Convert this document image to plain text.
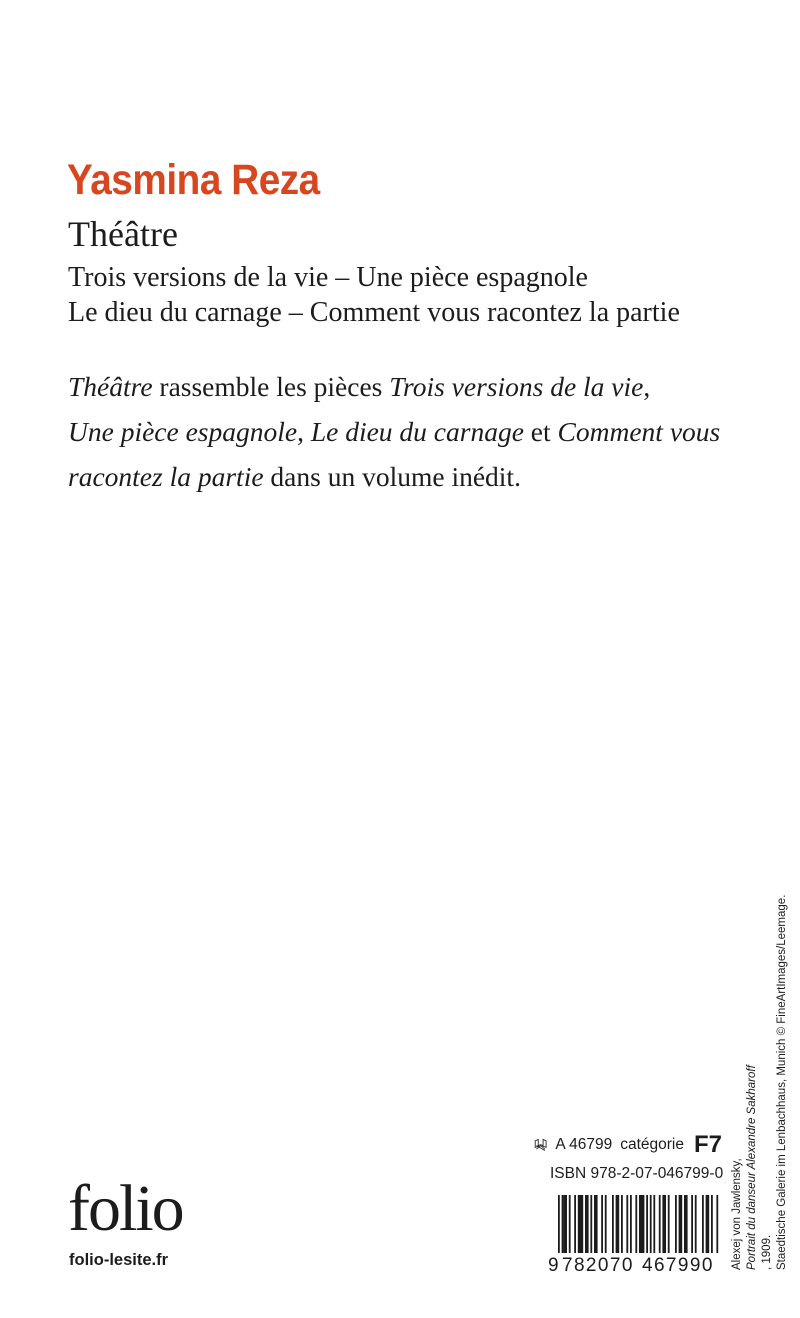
Yasmina Reza
Théâtre
Trois versions de la vie – Une pièce espagnole
Le dieu du carnage – Comment vous racontez la partie
Théâtre rassemble les pièces Trois versions de la vie,
Une pièce espagnole, Le dieu du carnage et Comment vous
racontez la partie dans un volume inédit.
Alexej von Jawlensky, Portrait du danseur Alexandre Sakharoff , 1909. Staedtische Galerie im Lenbachhaus, Munich © FineArtImages/Leemage.
A 46799 catégorie F7
ISBN 978-2-07-046799-0
folio
folio-lesite.fr	9 782070 467990
